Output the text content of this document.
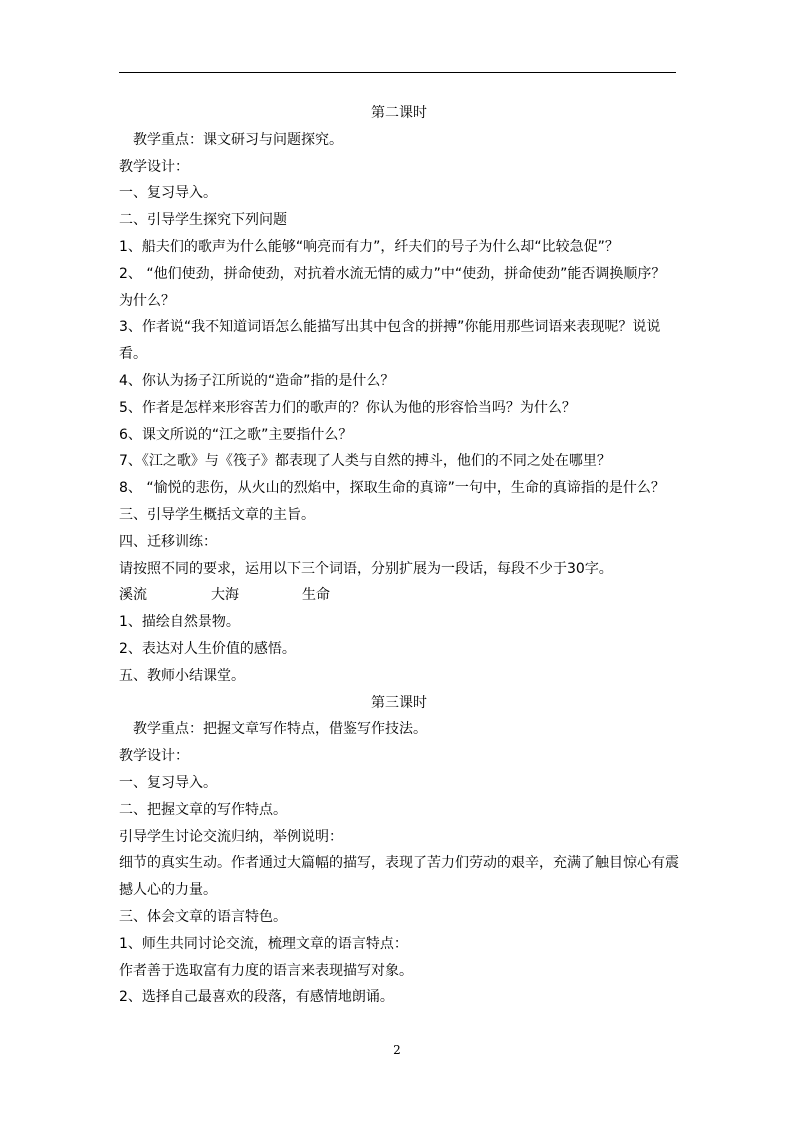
第二课时
教学重点：课文研习与问题探究。
教学设计：
一、复习导入。
二、引导学生探究下列问题
1、船夫们的歌声为什么能够“响亮而有力”，纤夫们的号子为什么却“比较急促”？
2、 “他们使劲，拼命使劲，对抗着水流无情的威力”中“使劲，拼命使劲”能否调换顺序？
为什么？
3、作者说“我不知道词语怎么能描写出其中包含的拼搏”你能用那些词语来表现呢？说说
看。
4、你认为扬子江所说的“造命”指的是什么？
5、作者是怎样来形容苦力们的歌声的？你认为他的形容恰当吗？为什么？
6、课文所说的“江之歌”主要指什么？
7、《江之歌》与《筏子》都表现了人类与自然的搏斗，他们的不同之处在哪里？
8、 “愉悦的悲伤，从火山的烈焰中，探取生命的真谛”一句中，生命的真谛指的是什么？
三、引导学生概括文章的主旨。
四、迁移训练：
请按照不同的要求，运用以下三个词语，分别扩展为一段话，每段不少于30字。
溪流	大海	生命
1、描绘自然景物。
2、表达对人生价值的感悟。
五、教师小结课堂。
第三课时
教学重点：把握文章写作特点，借鉴写作技法。
教学设计：
一、复习导入。
二、把握文章的写作特点。
引导学生讨论交流归纳，举例说明：
细节的真实生动。作者通过大篇幅的描写，表现了苦力们劳动的艰辛，充满了触目惊心有震
撼人心的力量。
三、体会文章的语言特色。
1、师生共同讨论交流，梳理文章的语言特点：
作者善于选取富有力度的语言来表现描写对象。
2、选择自己最喜欢的段落，有感情地朗诵。
2
